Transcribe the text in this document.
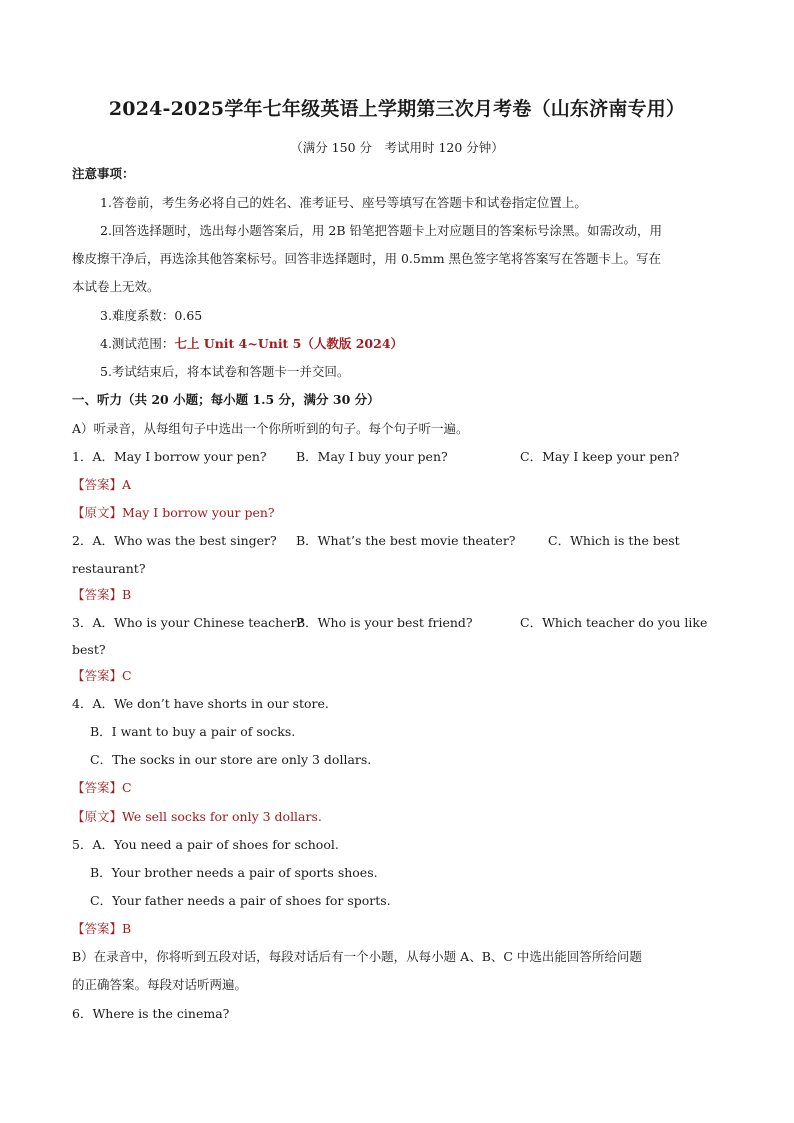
2024-2025学年七年级英语上学期第三次月考卷（山东济南专用）
（满分 150 分　考试用时 120 分钟）
注意事项：
1.答卷前，考生务必将自己的姓名、准考证号、座号等填写在答题卡和试卷指定位置上。
2.回答选择题时，选出每小题答案后，用 2B 铅笔把答题卡上对应题目的答案标号涂黑。如需改动，用
橡皮擦干净后，再选涂其他答案标号。回答非选择题时，用 0.5mm 黑色签字笔将答案写在答题卡上。写在
本试卷上无效。
3.难度系数：0.65
4.测试范围：七上 Unit 4~Unit 5（人教版 2024）
5.考试结束后，将本试卷和答题卡一并交回。
一、听力（共 20 小题；每小题 1.5 分，满分 30 分）
A）听录音，从每组句子中选出一个你所听到的句子。每个句子听一遍。
1．A．May I borrow your pen? B．May I buy your pen?	C．May I keep your pen?
【答案】A
【原文】May I borrow your pen?
2．A．Who was the best singer? B．What’s the best movie theater?	C．Which is the best
restaurant?
【答案】B
3．A．Who is your Chinese teacher?
B．Who is your best friend?	C．Which teacher do you like
best?
【答案】C
4．A．We don’t have shorts in our store.
B．I want to buy a pair of socks.
C．The socks in our store are only 3 dollars.
【答案】C
【原文】We sell socks for only 3 dollars.
5．A．You need a pair of shoes for school.
B．Your brother needs a pair of sports shoes.
C．Your father needs a pair of shoes for sports.
【答案】B
B）在录音中，你将听到五段对话，每段对话后有一个小题，从每小题 A、B、C 中选出能回答所给问题
的正确答案。每段对话听两遍。
6．Where is the cinema?
